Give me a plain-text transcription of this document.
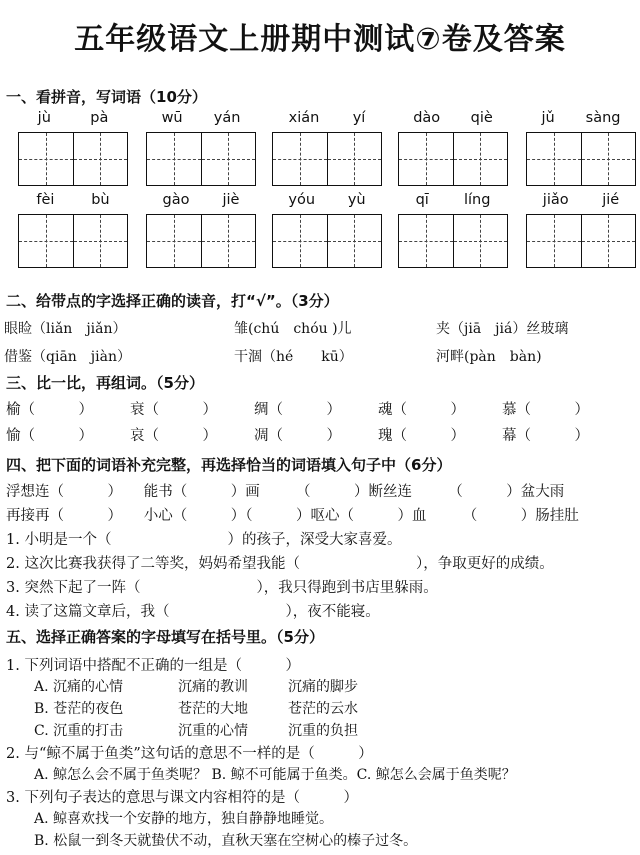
五年级语文上册期中测试⑦卷及答案
一、看拼音，写词语（10分）
jù	pà	wū yán	xián yí	dào qiè	jǔ sàng
fèi	bù	gào jiè	yóu yù	qī líng	jiǎo jié
二、给带点的字选择正确的读音，打“√”。（3分）
眼睑（liǎn　jiǎn）	雏(chú　chóu )儿	夹（jiā　jiá）丝玻璃
借鉴（qiān　jiàn）	干涸（hé　　kū）	河畔(pàn　bàn)
三、比一比，再组词。（5分）
榆（　　　）	衰（　　　）	绸（　　　）	魂（　　　）	慕（　　　）
愉（　　　）	哀（　　　）	凋（　　　）	瑰（　　　）	幕（　　　）
四、把下面的词语补充完整，再选择恰当的词语填入句子中（6分）
浮想连（　　　）　　能书（　　　）画　　　（　　　）断丝连　　　（　　　）盆大雨
再接再（　　　）　　小心（　　　）（　　　）呕心（　　　）血　　　（　　　）肠挂肚
1. 小明是一个（　　　　　　　　）的孩子，深受大家喜爱。
2. 这次比赛我获得了二等奖，妈妈希望我能（　　　　　　　　），争取更好的成绩。
3. 突然下起了一阵（　　　　　　　　），我只得跑到书店里躲雨。
4. 读了这篇文章后，我（　　　　　　　　），夜不能寝。
五、选择正确答案的字母填写在括号里。（5分）
1. 下列词语中搭配不正确的一组是（　　　）
A. 沉痛的心情	沉痛的教训	沉痛的脚步
B. 苍茫的夜色	苍茫的大地	苍茫的云水
C. 沉重的打击	沉重的心情	沉重的负担
2. 与“鲸不属于鱼类”这句话的意思不一样的是（　　　）
A. 鲸怎么会不属于鱼类呢？ B. 鲸不可能属于鱼类。C. 鲸怎么会属于鱼类呢？
3. 下列句子表达的意思与课文内容相符的是（　　　）
A. 鲸喜欢找一个安静的地方，独自静静地睡觉。
B. 松鼠一到冬天就蛰伏不动，直秋天塞在空树心的榛子过冬。
